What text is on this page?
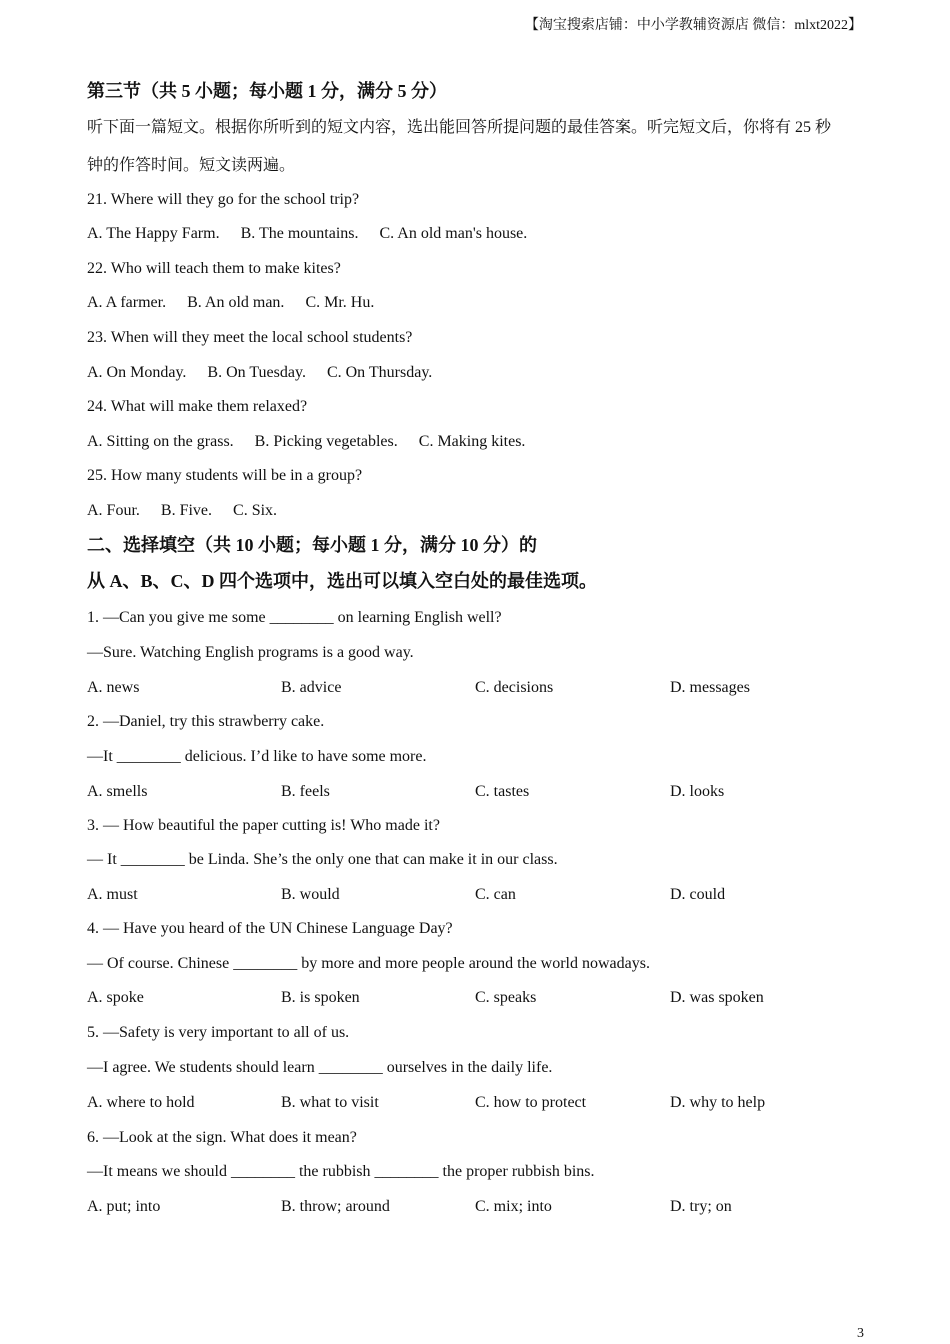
【淘宝搜索店铺：中小学教辅资源店 微信：mlxt2022】
第三节（共 5 小题；每小题 1 分，满分 5 分）
听下面一篇短文。根据你所听到的短文内容，选出能回答所提问题的最佳答案。听完短文后，你将有 25 秒
钟的作答时间。短文读两遍。
21. Where will they go for the school trip?
A. The Happy Farm. B. The mountains. C. An old man's house.
22. Who will teach them to make kites?
A. A farmer. B. An old man. C. Mr. Hu.
23. When will they meet the local school students?
A. On Monday. B. On Tuesday. C. On Thursday.
24. What will make them relaxed?
A. Sitting on the grass. B. Picking vegetables. C. Making kites.
25. How many students will be in a group?
A. Four. B. Five. C. Six.
二、选择填空（共 10 小题；每小题 1 分，满分 10 分）的
从 A、B、C、D 四个选项中，选出可以填入空白处的最佳选项。
1. —Can you give me some ________ on learning English well?
—Sure. Watching English programs is a good way.
A. news	B. advice	C. decisions	D. messages
2. —Daniel, try this strawberry cake.
—It ________ delicious. I’d like to have some more.
A. smells	B. feels	C. tastes	D. looks
3. — How beautiful the paper cutting is! Who made it?
— It ________ be Linda. She’s the only one that can make it in our class.
A. must	B. would	C. can	D. could
4. — Have you heard of the UN Chinese Language Day?
— Of course. Chinese ________ by more and more people around the world nowadays.
A. spoke	B. is spoken	C. speaks	D. was spoken
5. —Safety is very important to all of us.
—I agree. We students should learn ________ ourselves in the daily life.
A. where to hold	B. what to visit	C. how to protect	D. why to help
6. —Look at the sign. What does it mean?
—It means we should ________ the rubbish ________ the proper rubbish bins.
A. put; into	B. throw; around	C. mix; into	D. try; on
3
